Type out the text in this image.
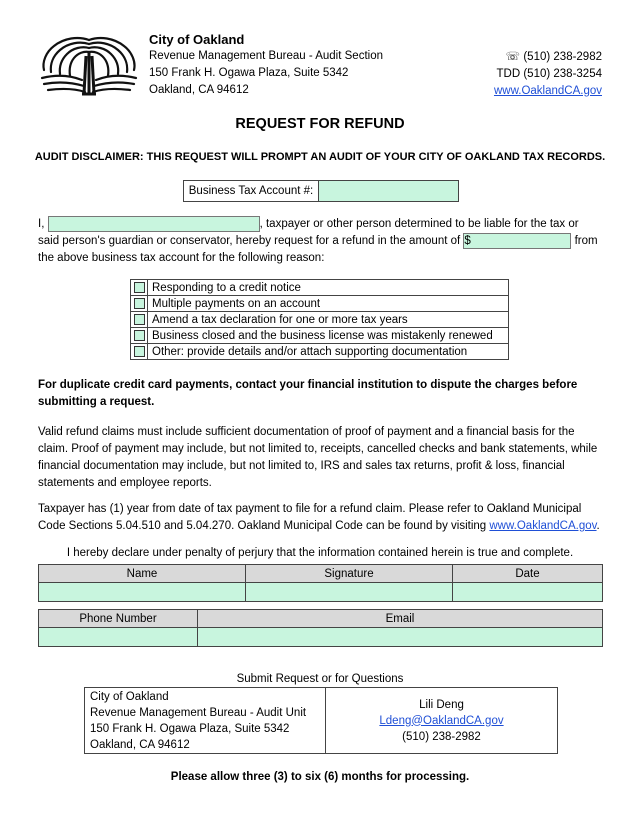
City of Oakland
Revenue Management Bureau - Audit Section
150 Frank H. Ogawa Plaza, Suite 5342
Oakland, CA 94612
☏ (510) 238-2982
TDD (510) 238-3254
www.OaklandCA.gov
REQUEST FOR REFUND
AUDIT DISCLAIMER: THIS REQUEST WILL PROMPT AN AUDIT OF YOUR CITY OF OAKLAND TAX RECORDS.
Business Tax Account #:
I,	, taxpayer or other person determined to be liable for the tax or
said person's guardian or conservator, hereby request for a refund in the amount of $	from
the above business tax account for the following reason:
	Responding to a credit notice
	Multiple payments on an account
	Amend a tax declaration for one or more tax years
	Business closed and the business license was mistakenly renewed
	Other: provide details and/or attach supporting documentation
For duplicate credit card payments, contact your financial institution to dispute the charges before submitting a request.
Valid refund claims must include sufficient documentation of proof of payment and a financial basis for the claim. Proof of payment may include, but not limited to, receipts, cancelled checks and bank statements, while financial documentation may include, but not limited to, IRS and sales tax returns, profit & loss, financial statements and employee reports.
Taxpayer has (1) year from date of tax payment to file for a refund claim. Please refer to Oakland Municipal Code Sections 5.04.510 and 5.04.270. Oakland Municipal Code can be found by visiting www.OaklandCA.gov.
I hereby declare under penalty of perjury that the information contained herein is true and complete.
Name	Signature	Date

Phone Number	Email

Submit Request or for Questions
City of Oakland
Revenue Management Bureau - Audit Unit
150 Frank H. Ogawa Plaza, Suite 5342
Oakland, CA 94612
Lili Deng
Ldeng@OaklandCA.gov
(510) 238-2982
Please allow three (3) to six (6) months for processing.
